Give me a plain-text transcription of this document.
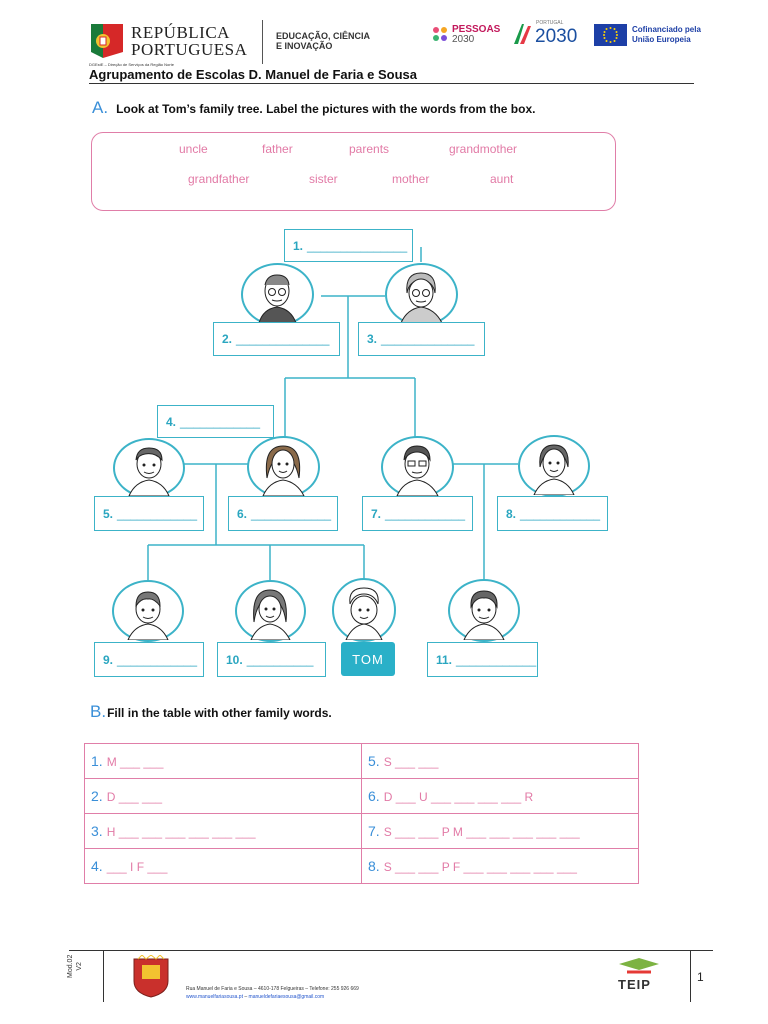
REPÚBLICA
PORTUGUESA
DGEstE – Direção de Serviços da Região Norte
EDUCAÇÃO, CIÊNCIA
E INOVAÇÃO
PESSOAS
2030
PORTUGAL
2030	Cofinanciado pela
União Europeia
Agrupamento de Escolas D. Manuel de Faria e Sousa
A. Look at Tom’s family tree. Label the pictures with the words from the box.
uncle	father	parents	grandmother
grandfather	sister	mother	aunt
1. _______________
2. ______________	3. ______________
4. ____________
5. ____________	6. ____________	7. ____________	8. ____________
9. ____________ 10. __________	TOM	11. ____________
B. Fill in the table with other family words.
1. M ___ ___	5. S ___ ___
2. D ___ ___	6. D ___ U ___ ___ ___ ___ R
3. H ___ ___ ___ ___ ___ ___	7. S ___ ___ P M ___ ___ ___ ___ ___
4. ___ I F ___	8. S ___ ___ P F ___ ___ ___ ___ ___
Mod.02 V2
Rua Manuel de Faria e Sousa – 4610-178 Felgueiras – Telefone: 255 926 669
www.manuelfariasousa.pt – manueldefariaesousa@gmail.com
TEIP	1
